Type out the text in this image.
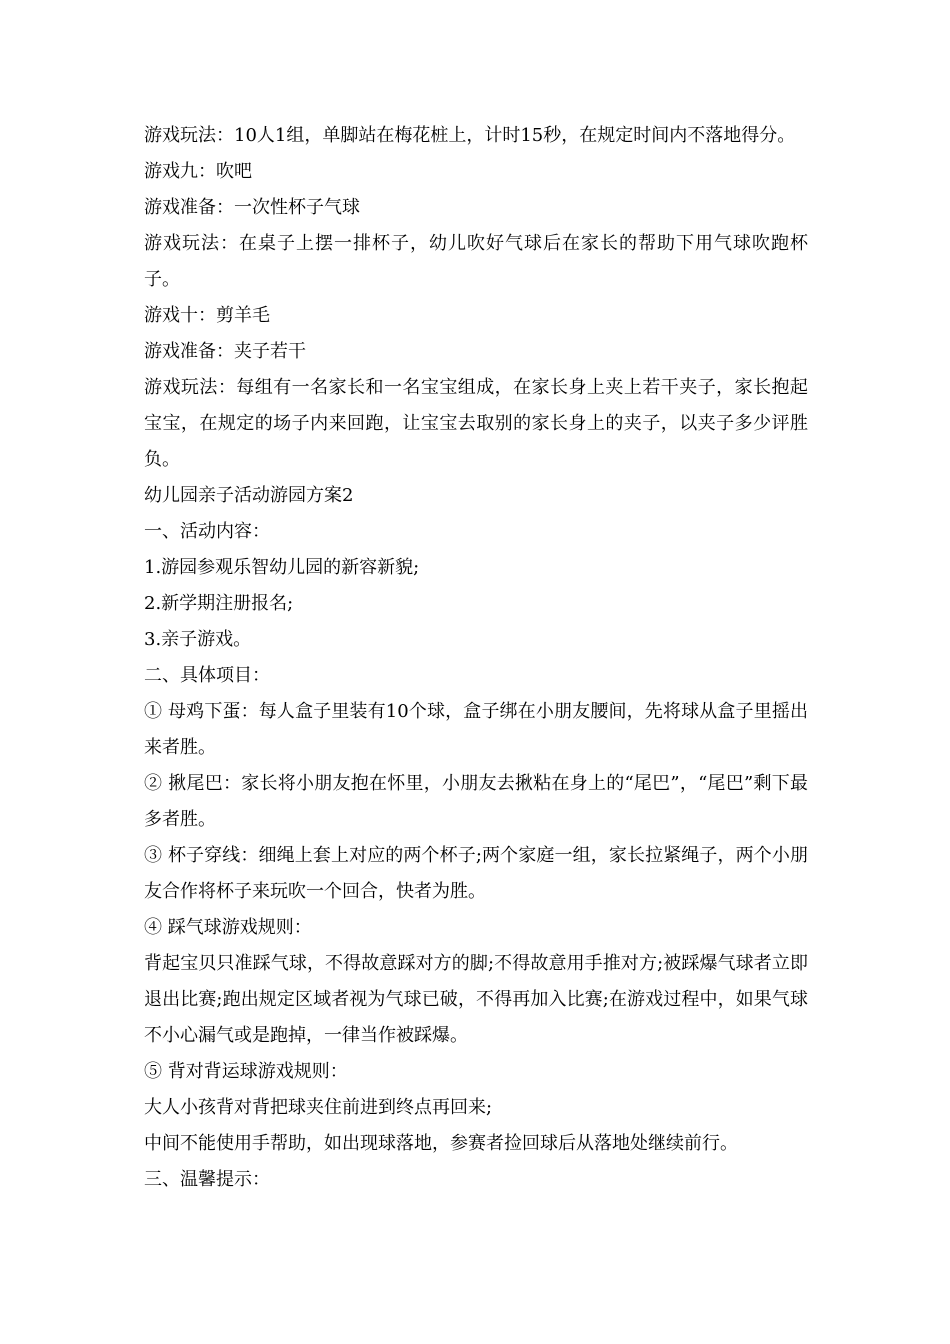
游戏玩法：10人1组，单脚站在梅花桩上，计时15秒，在规定时间内不落地得分。

游戏九：吹吧

游戏准备：一次性杯子气球

游戏玩法：在桌子上摆一排杯子，幼儿吹好气球后在家长的帮助下用气球吹跑杯子。

游戏十：剪羊毛

游戏准备：夹子若干

游戏玩法：每组有一名家长和一名宝宝组成，在家长身上夹上若干夹子，家长抱起宝宝，在规定的场子内来回跑，让宝宝去取别的家长身上的夹子，以夹子多少评胜负。

幼儿园亲子活动游园方案2

一、活动内容：

1.游园参观乐智幼儿园的新容新貌;

2.新学期注册报名;

3.亲子游戏。

二、具体项目：

① 母鸡下蛋：每人盒子里装有10个球，盒子绑在小朋友腰间，先将球从盒子里摇出来者胜。

② 揪尾巴：家长将小朋友抱在怀里，小朋友去揪粘在身上的“尾巴”，“尾巴”剩下最多者胜。

③ 杯子穿线：细绳上套上对应的两个杯子;两个家庭一组，家长拉紧绳子，两个小朋友合作将杯子来玩吹一个回合，快者为胜。

④ 踩气球游戏规则：

背起宝贝只准踩气球，不得故意踩对方的脚;不得故意用手推对方;被踩爆气球者立即退出比赛;跑出规定区域者视为气球已破，不得再加入比赛;在游戏过程中，如果气球不小心漏气或是跑掉，一律当作被踩爆。

⑤ 背对背运球游戏规则：

大人小孩背对背把球夹住前进到终点再回来;

中间不能使用手帮助，如出现球落地，参赛者捡回球后从落地处继续前行。

三、温馨提示：
